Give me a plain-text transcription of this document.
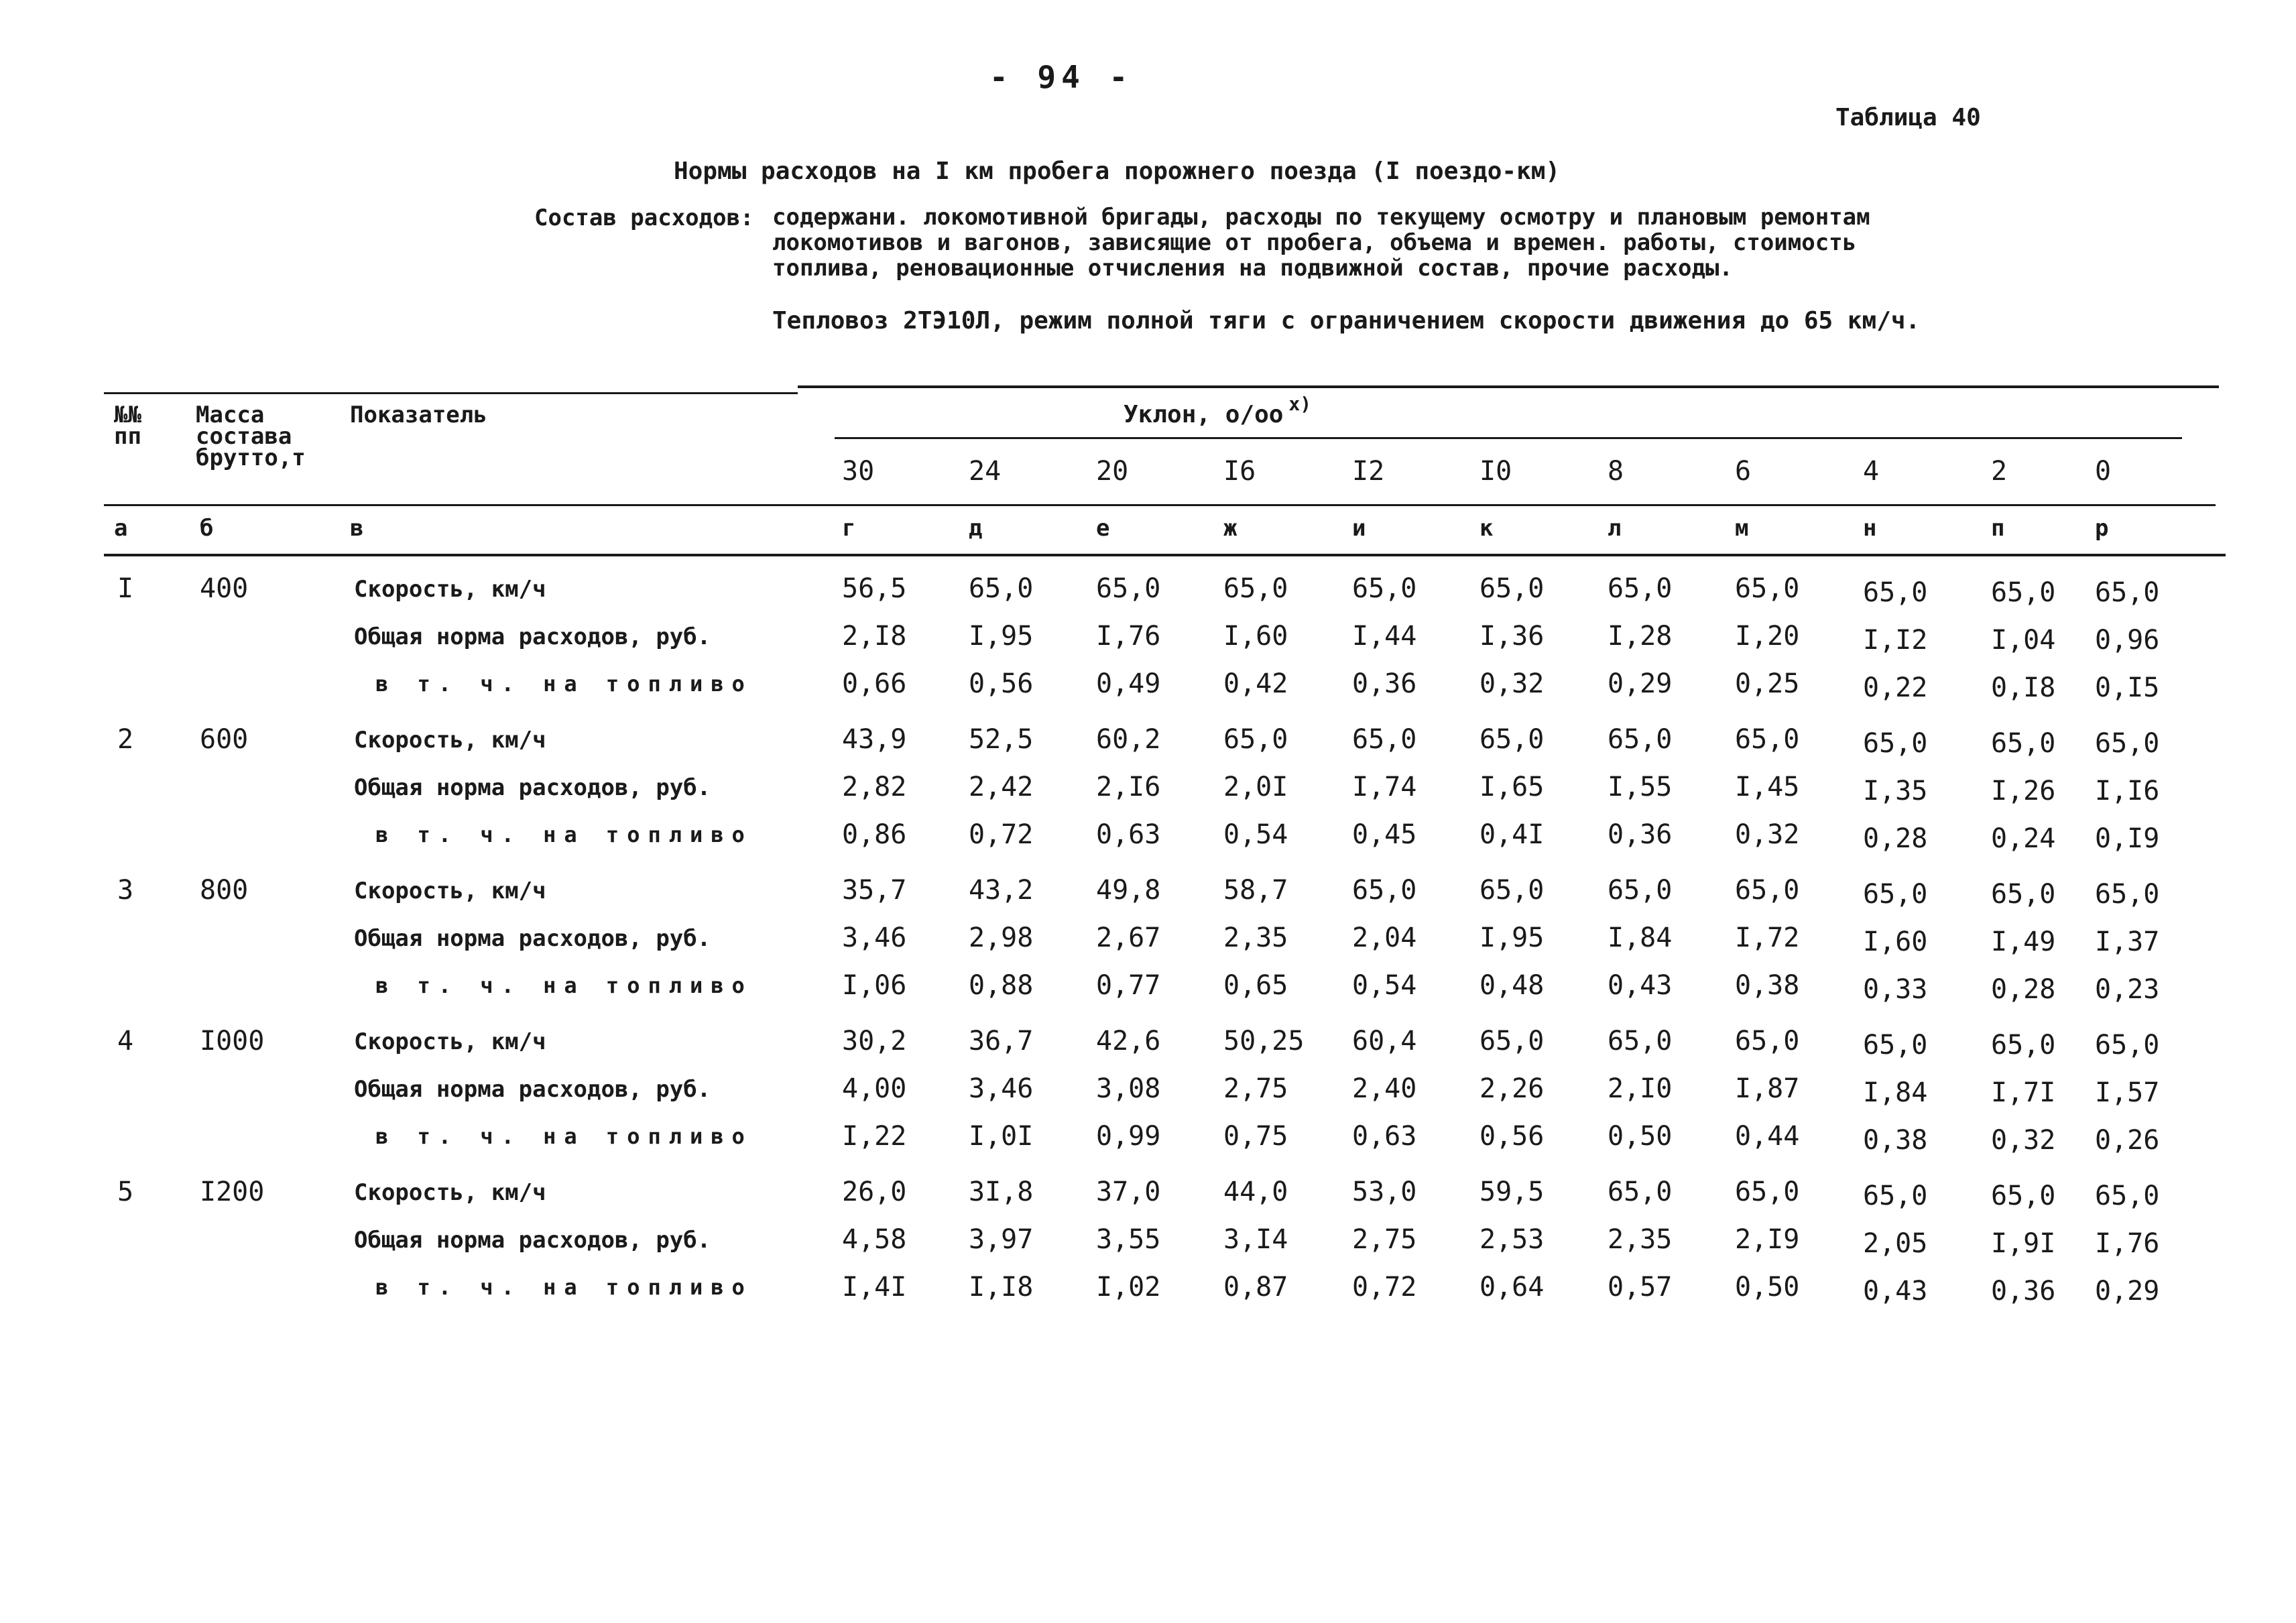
- 94 -
Таблица 40
Нормы расходов на I км пробега порожнего поезда (I поездо-км)
Состав расходов: содержани. локомотивной бригады, расходы по текущему осмотру и плановым ремонтам локомотивов и вагонов, зависящие от пробега, объема и времен. работы, стоимость топлива, реновационные отчисления на подвижной состав, прочие расходы.
Тепловоз 2ТЭ10Л, режим полной тяги с ограничением скорости движения до 65 км/ч.
№№ пп
Масса состава брутто,т
Показатель	Уклон, о/оо $^{x)}$
30	24	20	I6	I2	I0	8	6	4	2	0
а	б	в	г	д	е	ж	и	к	л	м	н	п	р
I 400	Скорость, км/ч	56,5 65,0 65,0 65,0 65,0 65,0 65,0 65,0 65,0 65,0 65,0
Общая норма расходов, руб.	2,I8 I,95 I,76 I,60 I,44 I,36 I,28 I,20 I,I2 I,04 0,96
в т. ч. на топливо	0,66 0,56 0,49 0,42 0,36 0,32 0,29 0,25 0,22 0,I8 0,I5
2 600	Скорость, км/ч	43,9 52,5 60,2 65,0 65,0 65,0 65,0 65,0 65,0 65,0 65,0
Общая норма расходов, руб.	2,82 2,42 2,I6 2,0I I,74 I,65 I,55 I,45 I,35 I,26 I,I6
в т. ч. на топливо	0,86 0,72 0,63 0,54 0,45 0,4I 0,36 0,32 0,28 0,24 0,I9
3 800	Скорость, км/ч	35,7 43,2 49,8 58,7 65,0 65,0 65,0 65,0 65,0 65,0 65,0
Общая норма расходов, руб.	3,46 2,98 2,67 2,35 2,04 I,95 I,84 I,72 I,60 I,49 I,37
в т. ч. на топливо	I,06 0,88 0,77 0,65 0,54 0,48 0,43 0,38 0,33 0,28 0,23
4 I000	Скорость, км/ч	30,2 36,7 42,6 50,25 60,4 65,0 65,0 65,0 65,0 65,0 65,0
Общая норма расходов, руб.	4,00 3,46 3,08 2,75 2,40 2,26 2,I0 I,87 I,84 I,7I I,57
в т. ч. на топливо	I,22 I,0I 0,99 0,75 0,63 0,56 0,50 0,44 0,38 0,32 0,26
5 I200	Скорость, км/ч	26,0 3I,8 37,0 44,0 53,0 59,5 65,0 65,0 65,0 65,0 65,0
Общая норма расходов, руб.	4,58 3,97 3,55 3,I4 2,75 2,53 2,35 2,I9 2,05 I,9I I,76
в т. ч. на топливо	I,4I I,I8 I,02 0,87 0,72 0,64 0,57 0,50 0,43 0,36 0,29
